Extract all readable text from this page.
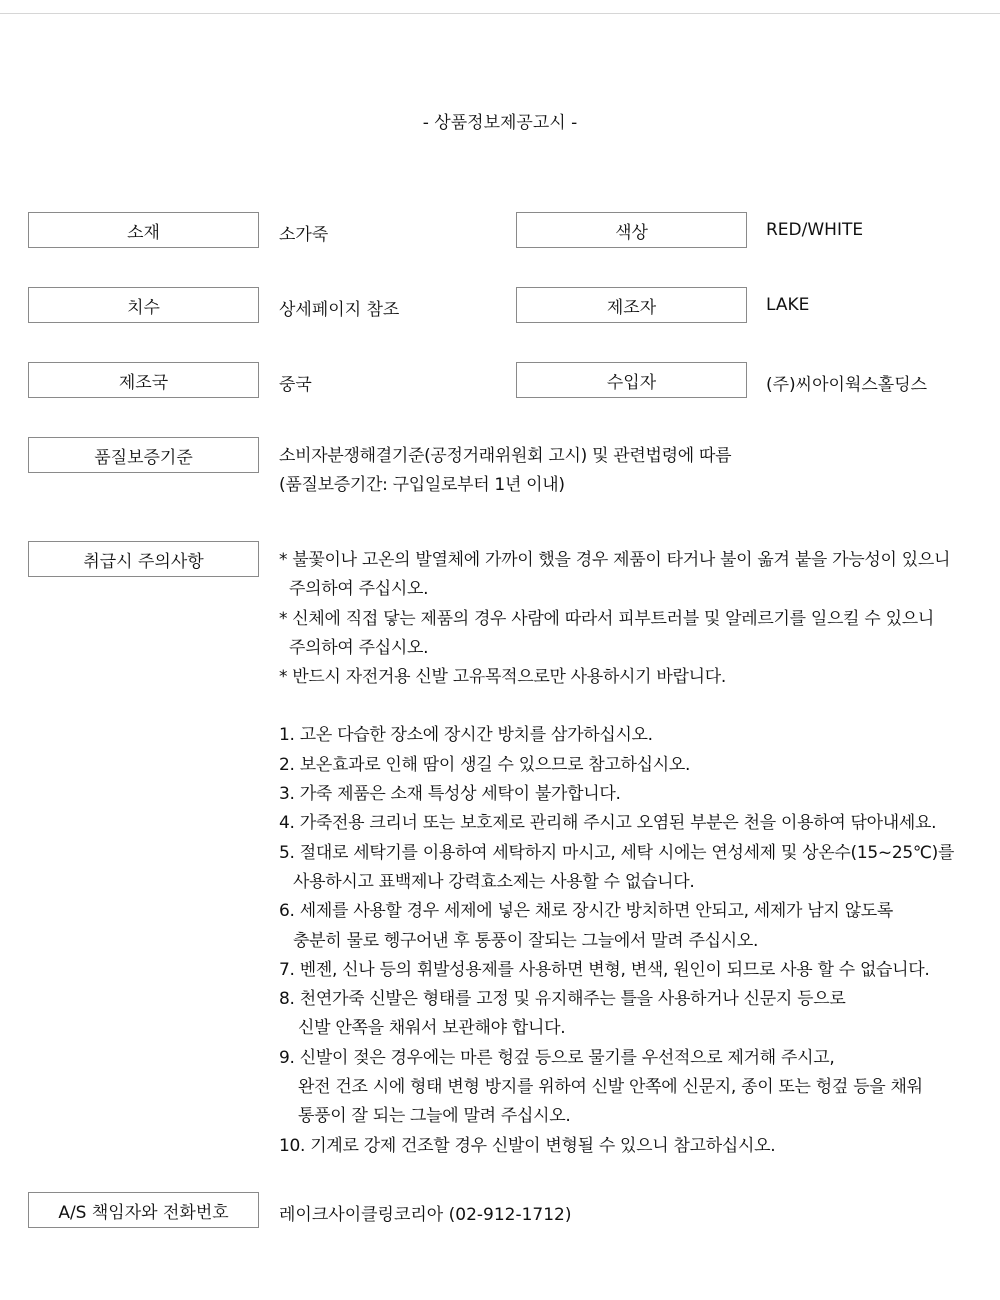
- 상품정보제공고시 -
소재	소가죽	색상	RED/WHITE
치수	상세페이지 참조	제조자	LAKE
제조국	중국	수입자	(주)씨아이웍스홀딩스
품질보증기준	소비자분쟁해결기준(공정거래위원회 고시) 및 관련법령에 따름
(품질보증기간: 구입일로부터 1년 이내)
취급시 주의사항	* 불꽃이나 고온의 발열체에 가까이 했을 경우 제품이 타거나 불이 옮겨 붙을 가능성이 있으니
주의하여 주십시오.
* 신체에 직접 닿는 제품의 경우 사람에 따라서 피부트러블 및 알레르기를 일으킬 수 있으니
주의하여 주십시오.
* 반드시 자전거용 신발 고유목적으로만 사용하시기 바랍니다.
1. 고온 다습한 장소에 장시간 방치를 삼가하십시오.
2. 보온효과로 인해 땀이 생길 수 있으므로 참고하십시오.
3. 가죽 제품은 소재 특성상 세탁이 불가합니다.
4. 가죽전용 크리너 또는 보호제로 관리해 주시고 오염된 부분은 천을 이용하여 닦아내세요.
5. 절대로 세탁기를 이용하여 세탁하지 마시고, 세탁 시에는 연성세제 및 상온수(15~25℃)를
사용하시고 표백제나 강력효소제는 사용할 수 없습니다.
6. 세제를 사용할 경우 세제에 넣은 채로 장시간 방치하면 안되고, 세제가 남지 않도록
충분히 물로 헹구어낸 후 통풍이 잘되는 그늘에서 말려 주십시오.
7. 벤젠, 신나 등의 휘발성용제를 사용하면 변형, 변색, 원인이 되므로 사용 할 수 없습니다.
8. 천연가죽 신발은 형태를 고정 및 유지해주는 틀을 사용하거나 신문지 등으로
신발 안쪽을 채워서 보관해야 합니다.
9. 신발이 젖은 경우에는 마른 헝겊 등으로 물기를 우선적으로 제거해 주시고,
완전 건조 시에 형태 변형 방지를 위하여 신발 안쪽에 신문지, 종이 또는 헝겊 등을 채워
통풍이 잘 되는 그늘에 말려 주십시오.
10. 기계로 강제 건조할 경우 신발이 변형될 수 있으니 참고하십시오.
A/S 책임자와 전화번호	레이크사이클링코리아 (02-912-1712)
